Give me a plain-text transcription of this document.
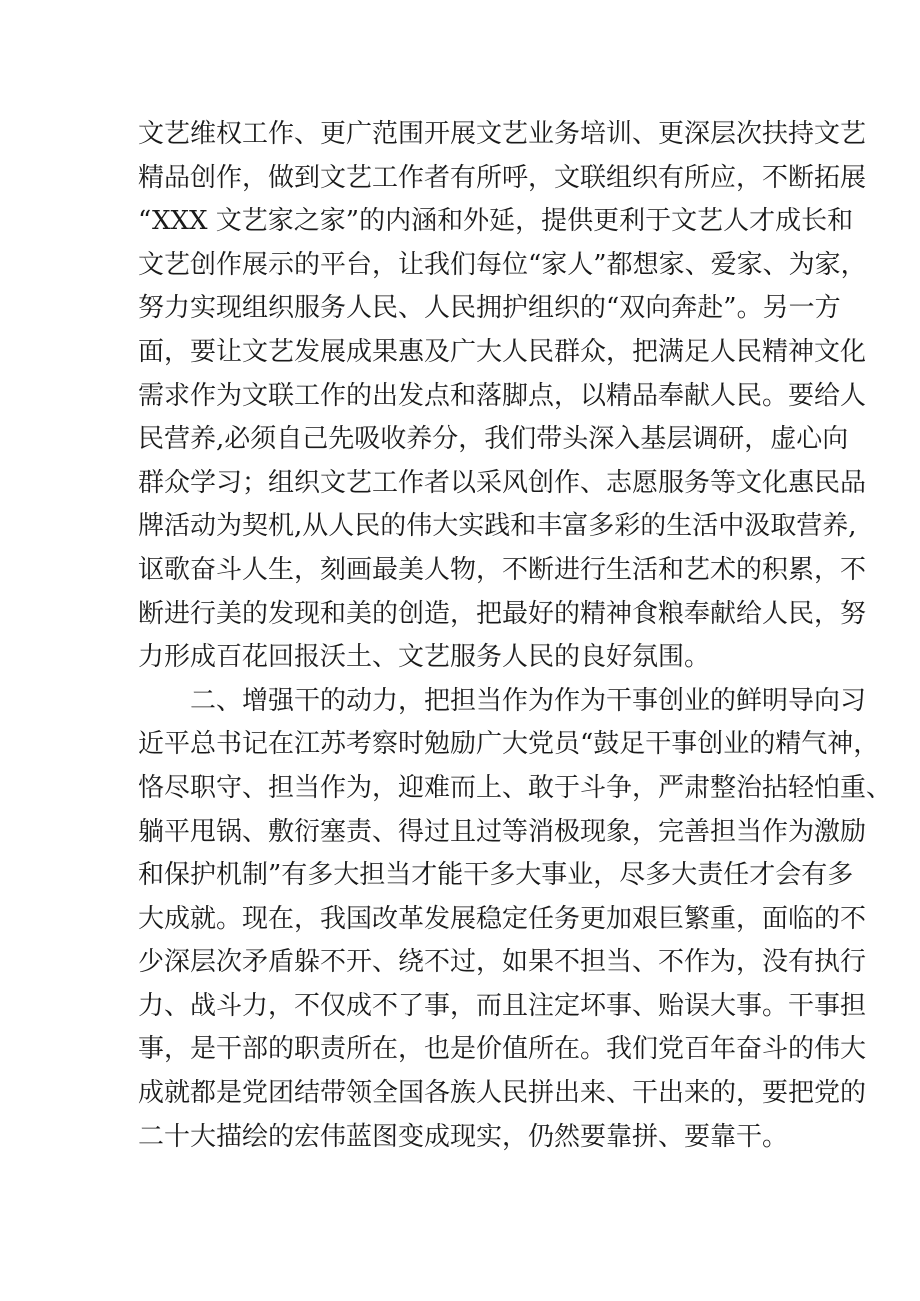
文艺维权工作、更广范围开展文艺业务培训、更深层次扶持文艺
精品创作，做到文艺工作者有所呼，文联组织有所应，不断拓展
“XXX 文艺家之家”的内涵和外延，提供更利于文艺人才成长和
文艺创作展示的平台，让我们每位“家人”都想家、爱家、为家，
努力实现组织服务人民、人民拥护组织的“双向奔赴”。另一方
面，要让文艺发展成果惠及广大人民群众，把满足人民精神文化
需求作为文联工作的出发点和落脚点，以精品奉献人民。要给人
民营养,必须自己先吸收养分，我们带头深入基层调研，虚心向
群众学习；组织文艺工作者以采风创作、志愿服务等文化惠民品
牌活动为契机,从人民的伟大实践和丰富多彩的生活中汲取营养,
讴歌奋斗人生，刻画最美人物，不断进行生活和艺术的积累，不
断进行美的发现和美的创造，把最好的精神食粮奉献给人民，努
力形成百花回报沃土、文艺服务人民的良好氛围。
二、增强干的动力，把担当作为作为干事创业的鲜明导向习
近平总书记在江苏考察时勉励广大党员“鼓足干事创业的精气神，
恪尽职守、担当作为，迎难而上、敢于斗争，严肃整治拈轻怕重、
躺平甩锅、敷衍塞责、得过且过等消极现象，完善担当作为激励
和保护机制”有多大担当才能干多大事业，尽多大责任才会有多
大成就。现在，我国改革发展稳定任务更加艰巨繁重，面临的不
少深层次矛盾躲不开、绕不过，如果不担当、不作为，没有执行
力、战斗力，不仅成不了事，而且注定坏事、贻误大事。干事担
事，是干部的职责所在，也是价值所在。我们党百年奋斗的伟大
成就都是党团结带领全国各族人民拼出来、干出来的，要把党的
二十大描绘的宏伟蓝图变成现实，仍然要靠拼、要靠干。
